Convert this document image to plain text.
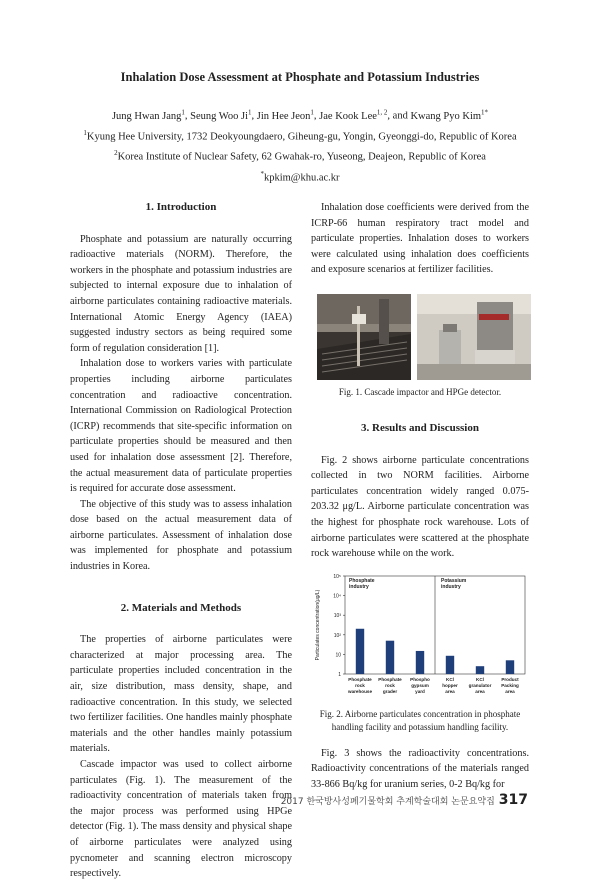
Inhalation Dose Assessment at Phosphate and Potassium Industries
Jung Hwan Jang$^1$, Seung Woo Ji$^1$, Jin Hee Jeon$^1$, Jae Kook Lee$^{1, 2}$, and Kwang Pyo Kim$^{1*}$
$^1$Kyung Hee University, 1732 Deokyoungdaero, Giheung-gu, Yongin, Gyeonggi-do, Republic of Korea
$^2$Korea Institute of Nuclear Safety, 62 Gwahak-ro, Yuseong, Deajeon, Republic of Korea
*kpkim@khu.ac.kr
1. Introduction

Phosphate and potassium are naturally occurring radioactive materials (NORM). Therefore, the workers in the phosphate and potassium industries are subjected to internal exposure due to inhalation of airborne particulates containing radioactive materials. International Atomic Energy Agency (IAEA) suggested industry sectors as being required some form of regulation consideration [1].

Inhalation dose to workers varies with particulate properties including airborne particulates concentration and radioactive concentration. International Commission on Radiological Protection (ICRP) recommends that site-specific information on particulate properties should be measured and then used for inhalation dose assessment [2]. Therefore, the actual measurement data of particulate properties is required for accurate dose assessment.

The objective of this study was to assess inhalation dose based on the actual measurement data of airborne particulates. Assessment of inhalation dose was implemented for phosphate and potassium industries in Korea.

2. Materials and Methods

The properties of airborne particulates were characterized at major processing area. The particulate properties included concentration in the air, size distribution, mass density, shape, and radioactive concentration. In this study, we selected two fertilizer facilities. One handles mainly phosphate materials and the other handles mainly potassium materials.

Cascade impactor was used to collect airborne particulates (Fig. 1). The measurement of the radioactivity concentration of materials taken from the major process was performed using HPGe detector (Fig. 1). The mass density and physical shape of airborne particulates were analyzed using pycnometer and scanning electron microscopy respectively.

Inhalation dose coefficients were derived from the ICRP-66 human respiratory tract model and particulate properties. Inhalation doses to workers were calculated using inhalation does coefficients and exposure scenarios at fertilizer facilities.

Fig. 1. Cascade impactor and HPGe detector.
3. Results and Discussion

Fig. 2 shows airborne particulate concentrations collected in two NORM facilities. Airborne particulates concentration widely ranged 0.075-203.32 μg/L. Airborne particulate concentration was the highest for phosphate rock warehouse. Lots of airborne particulates were scattered at the phosphate rock warehouse while on the work.

1
10
10²
10³
10⁴
10⁵
Particulates concentration(μg/L)
Phosphate
industry
Potassium
industry
Phosphate
rock
warehouse
Phosphate
rock
grader
Phospho
gypsum
yard
KCl
hopper
area
KCl
granulator
area
Product
Packing
area
Fig. 2. Airborne particulates concentration in phosphate handling facility and potassium handling facility.

Fig. 3 shows the radioactivity concentrations. Radioactivity concentrations of the materials ranged 33-866 Bq/kg for uranium series, 0-2 Bq/kg for

2017 한국방사성폐기물학회 추계학술대회 논문요약집 317
